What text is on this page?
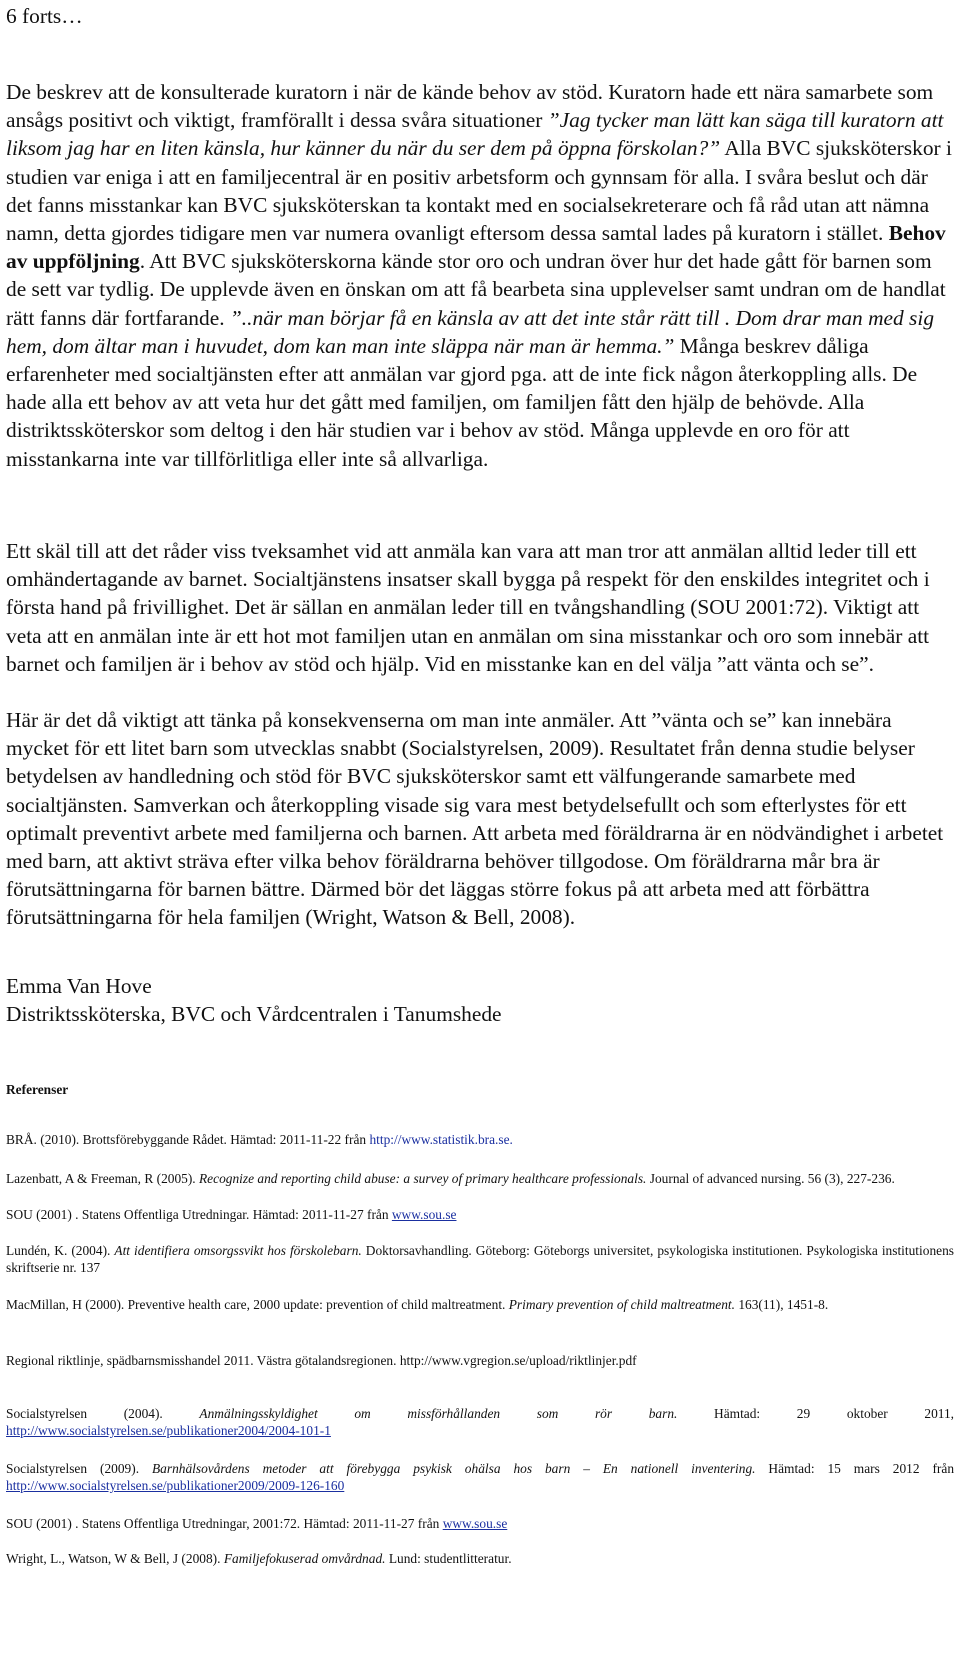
6 forts…

De beskrev att de konsulterade kuratorn i när de kände behov av stöd. Kuratorn hade ett nära samarbete som ansågs positivt och viktigt, framförallt i dessa svåra situationer ”Jag tycker man lätt kan säga till kuratorn att liksom jag har en liten känsla, hur känner du när du ser dem på öppna förskolan?” Alla BVC sjuksköterskor i studien var eniga i att en familjecentral är en positiv arbetsform och gynnsam för alla. I svåra beslut och där det fanns misstankar kan BVC sjuksköterskan ta kontakt med en socialsekreterare och få råd utan att nämna namn, detta gjordes tidigare men var numera ovanligt eftersom dessa samtal lades på kuratorn i stället. Behov av uppföljning. Att BVC sjuksköterskorna kände stor oro och undran över hur det hade gått för barnen som de sett var tydlig. De upplevde även en önskan om att få bearbeta sina upplevelser samt undran om de handlat rätt fanns där fortfarande. ”..när man börjar få en känsla av att det inte står rätt till . Dom drar man med sig hem, dom ältar man i huvudet, dom kan man inte släppa när man är hemma.” Många beskrev dåliga erfarenheter med socialtjänsten efter att anmälan var gjord pga. att de inte fick någon återkoppling alls. De hade alla ett behov av att veta hur det gått med familjen, om familjen fått den hjälp de behövde. Alla distriktssköterskor som deltog i den här studien var i behov av stöd. Många upplevde en oro för att misstankarna inte var tillförlitliga eller inte så allvarliga.

Ett skäl till att det råder viss tveksamhet vid att anmäla kan vara att man tror att anmälan alltid leder till ett omhändertagande av barnet. Socialtjänstens insatser skall bygga på respekt för den enskildes integritet och i första hand på frivillighet. Det är sällan en anmälan leder till en tvångshandling (SOU 2001:72). Viktigt att veta att en anmälan inte är ett hot mot familjen utan en anmälan om sina misstankar och oro som innebär att barnet och familjen är i behov av stöd och hjälp. Vid en misstanke kan en del välja ”att vänta och se”.

Här är det då viktigt att tänka på konsekvenserna om man inte anmäler. Att ”vänta och se” kan innebära mycket för ett litet barn som utvecklas snabbt (Socialstyrelsen, 2009). Resultatet från denna studie belyser betydelsen av handledning och stöd för BVC sjuksköterskor samt ett välfungerande samarbete med socialtjänsten. Samverkan och återkoppling visade sig vara mest betydelsefullt och som efterlystes för ett optimalt preventivt arbete med familjerna och barnen. Att arbeta med föräldrarna är en nödvändighet i arbetet med barn, att aktivt sträva efter vilka behov föräldrarna behöver tillgodose. Om föräldrarna mår bra är förutsättningarna för barnen bättre. Därmed bör det läggas större fokus på att arbeta med att förbättra förutsättningarna för hela familjen (Wright, Watson & Bell, 2008).

Emma Van Hove

Distriktssköterska, BVC och Vårdcentralen i Tanumshede

Referenser
BRÅ. (2010). Brottsförebyggande Rådet. Hämtad: 2011-11-22 från http://www.statistik.bra.se.
Lazenbatt, A & Freeman, R (2005). Recognize and reporting child abuse: a survey of primary healthcare professionals. Journal of advanced nursing. 56 (3), 227-236.
SOU (2001) . Statens Offentliga Utredningar. Hämtad: 2011-11-27 från www.sou.se
Lundén, K. (2004). Att identifiera omsorgssvikt hos förskolebarn. Doktorsavhandling. Göteborg: Göteborgs universitet, psykologiska institutionen. Psykologiska institutionens skriftserie nr. 137
MacMillan, H (2000). Preventive health care, 2000 update: prevention of child maltreatment. Primary prevention of child maltreatment. 163(11), 1451-8.
Regional riktlinje, spädbarnsmisshandel 2011. Västra götalandsregionen. http://www.vgregion.se/upload/riktlinjer.pdf
Socialstyrelsen (2004). Anmälningsskyldighet om missförhållanden som rör barn. Hämtad: 29 oktober 2011,
http://www.socialstyrelsen.se/publikationer2004/2004-101-1
Socialstyrelsen (2009). Barnhälsovårdens metoder att förebygga psykisk ohälsa hos barn – En nationell inventering. Hämtad: 15 mars 2012 från http://www.socialstyrelsen.se/publikationer2009/2009-126-160
SOU (2001) . Statens Offentliga Utredningar, 2001:72. Hämtad: 2011-11-27 från www.sou.se
Wright, L., Watson, W & Bell, J (2008). Familjefokuserad omvårdnad. Lund: studentlitteratur.
